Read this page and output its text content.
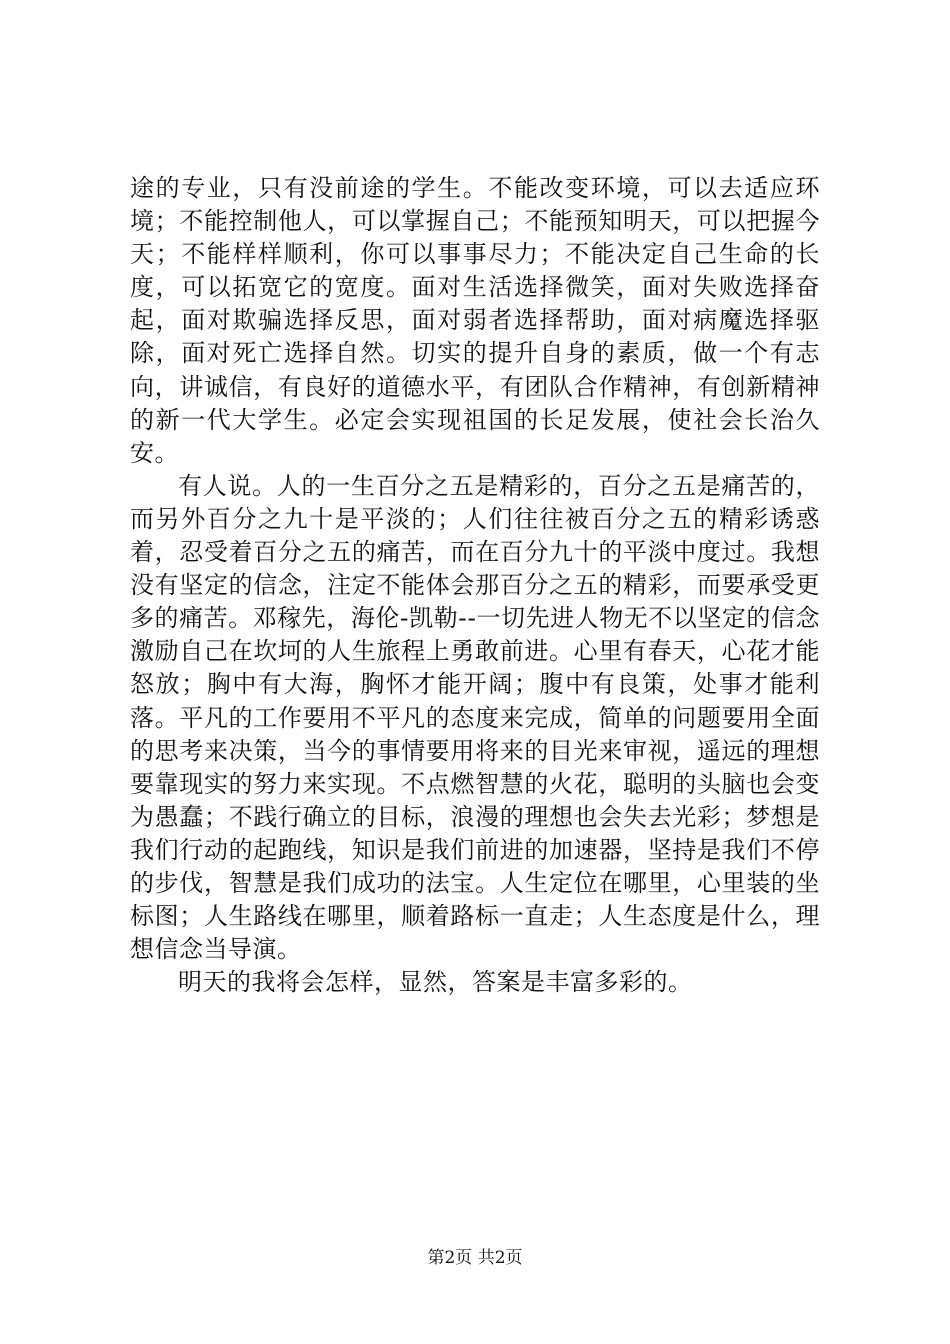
途的专业，只有没前途的学生。不能改变环境，可以去适应环境；不能控制他人，可以掌握自己；不能预知明天，可以把握今天；不能样样顺利，你可以事事尽力；不能决定自己生命的长度，可以拓宽它的宽度。面对生活选择微笑，面对失败选择奋起，面对欺骗选择反思，面对弱者选择帮助，面对病魔选择驱除，面对死亡选择自然。切实的提升自身的素质，做一个有志向，讲诚信，有良好的道德水平，有团队合作精神，有创新精神的新一代大学生。必定会实现祖国的长足发展，使社会长治久安。

有人说。人的一生百分之五是精彩的，百分之五是痛苦的，而另外百分之九十是平淡的；人们往往被百分之五的精彩诱惑着，忍受着百分之五的痛苦，而在百分九十的平淡中度过。我想没有坚定的信念，注定不能体会那百分之五的精彩，而要承受更多的痛苦。邓稼先，海伦-凯勒--一切先进人物无不以坚定的信念激励自己在坎坷的人生旅程上勇敢前进。心里有春天，心花才能怒放；胸中有大海，胸怀才能开阔；腹中有良策，处事才能利落。平凡的工作要用不平凡的态度来完成，简单的问题要用全面的思考来决策，当今的事情要用将来的目光来审视，遥远的理想要靠现实的努力来实现。不点燃智慧的火花，聪明的头脑也会变为愚蠢；不践行确立的目标，浪漫的理想也会失去光彩；梦想是我们行动的起跑线，知识是我们前进的加速器，坚持是我们不停的步伐，智慧是我们成功的法宝。人生定位在哪里，心里装的坐标图；人生路线在哪里，顺着路标一直走；人生态度是什么，理想信念当导演。

明天的我将会怎样，显然，答案是丰富多彩的。

第2页 共2页
